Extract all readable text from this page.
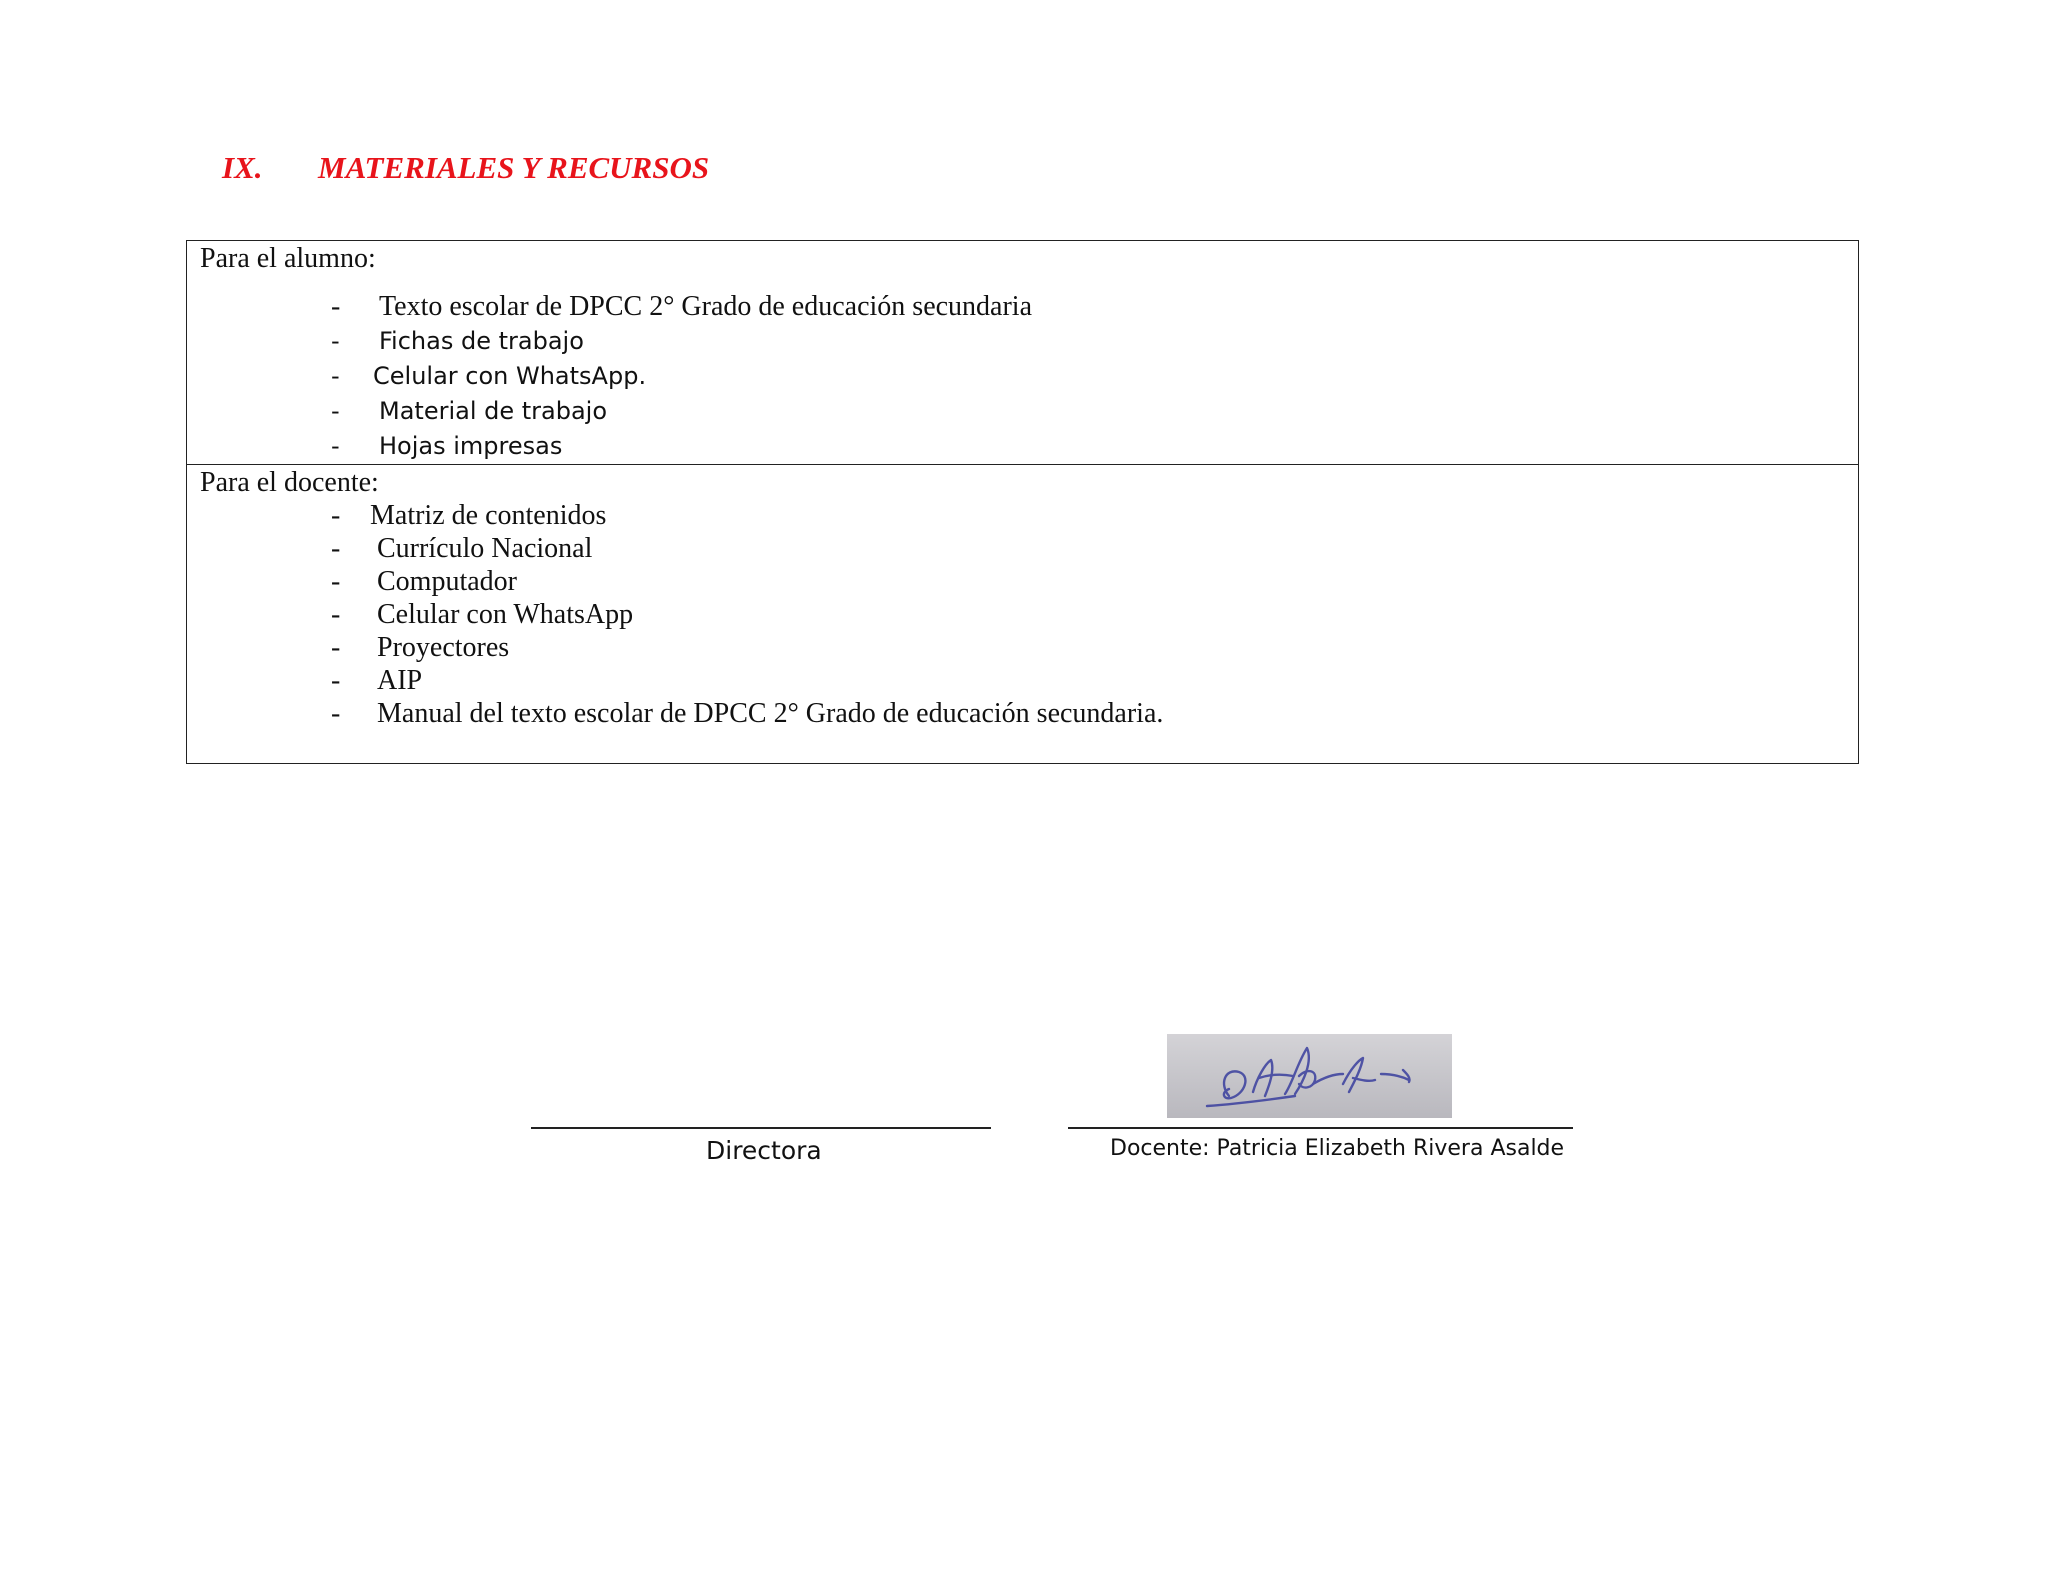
IX. MATERIALES Y RECURSOS
Para el alumno:
- Texto escolar de DPCC 2° Grado de educación secundaria
- Fichas de trabajo
- Celular con WhatsApp.
- Material de trabajo
- Hojas impresas
Para el docente:
- Matriz de contenidos
- Currículo Nacional
- Computador
- Celular con WhatsApp
- Proyectores
- AIP
- Manual del texto escolar de DPCC 2° Grado de educación secundaria.
Directora	Docente: Patricia Elizabeth Rivera Asalde
